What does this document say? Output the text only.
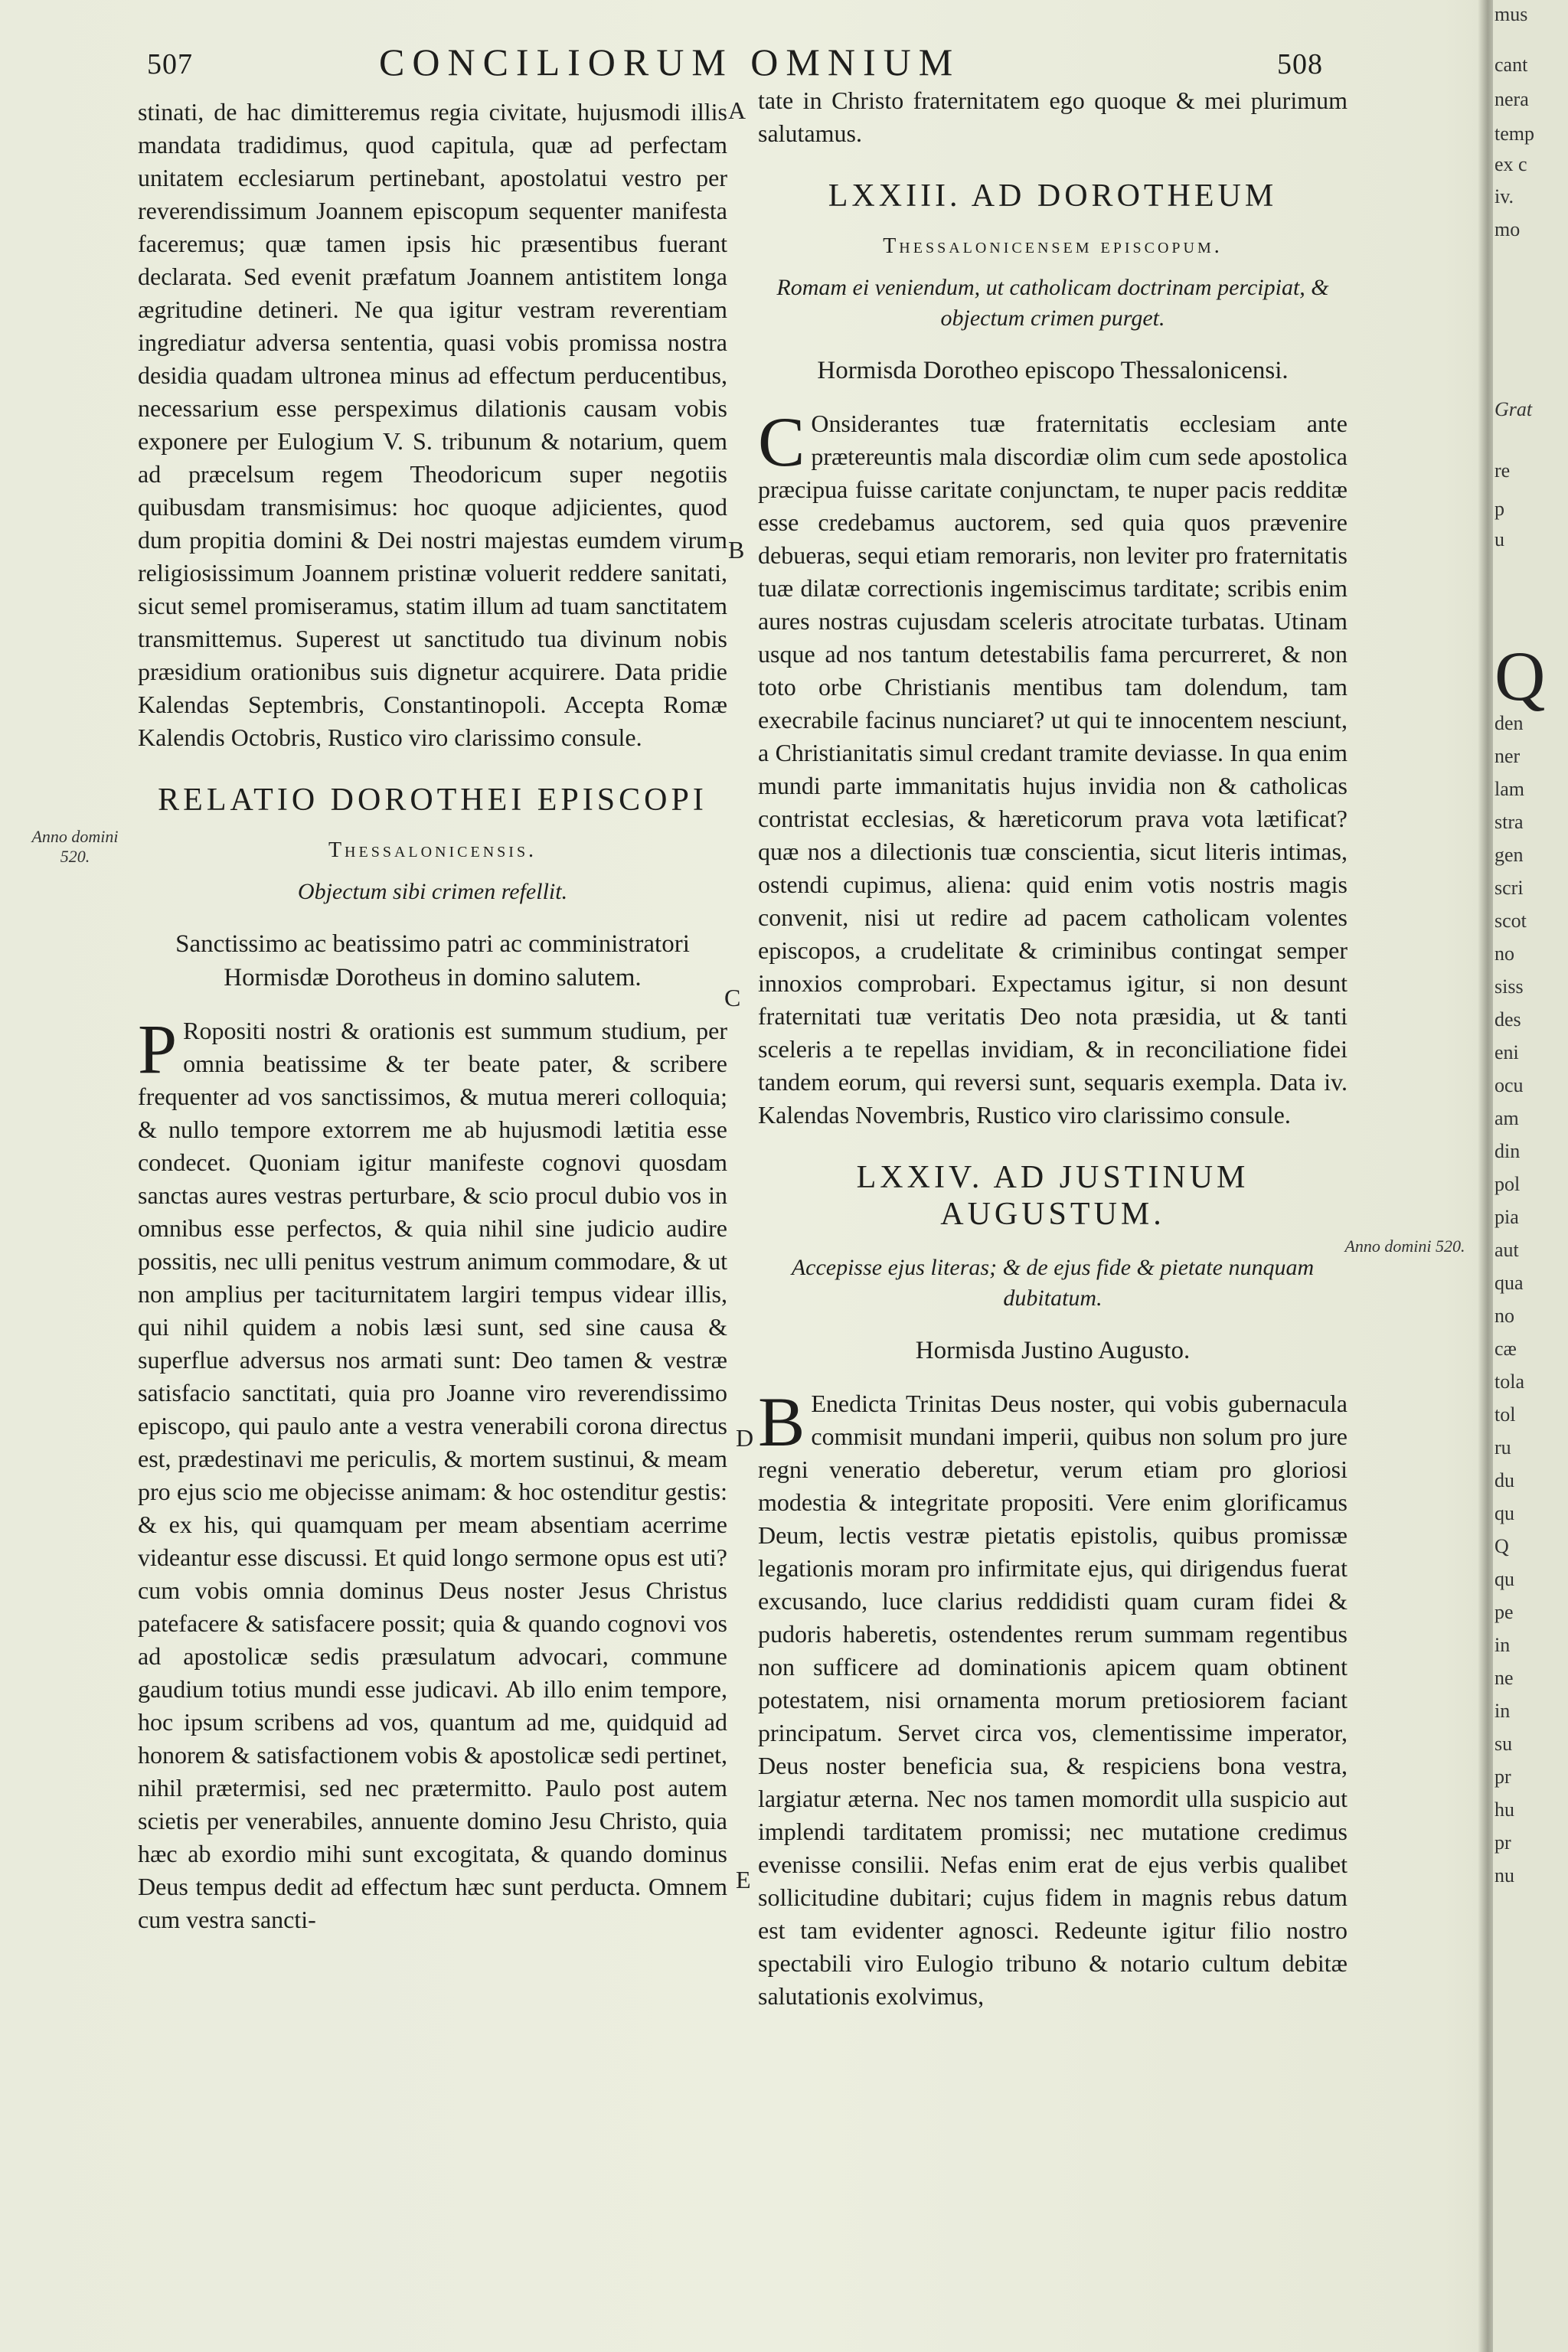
507	CONCILIORUM OMNIUM	508

stinati, de hac dimitteremus regia civitate, hujusmodi illis mandata tradidimus, quod capitula, quæ ad perfectam unitatem ecclesiarum pertinebant, apostolatui vestro per reverendissimum Joannem episcopum sequenter manifesta faceremus; quæ tamen ipsis hic præsentibus fuerant declarata. Sed evenit præfatum Joannem antistitem longa ægritudine detineri. Ne qua igitur vestram reverentiam ingrediatur adversa sententia, quasi vobis promissa nostra desidia quadam ultronea minus ad effectum perducentibus, necessarium esse perspeximus dilationis causam vobis exponere per Eulogium V. S. tribunum & notarium, quem ad præcelsum regem Theodoricum super negotiis quibusdam transmisimus: hoc quoque adjicientes, quod dum propitia domini & Dei nostri majestas eumdem virum religiosissimum Joannem pristinæ voluerit reddere sanitati, sicut semel promiseramus, statim illum ad tuam sanctitatem transmittemus. Superest ut sanctitudo tua divinum nobis præsidium orationibus suis dignetur acquirere. Data pridie Kalendas Septembris, Constantinopoli. Accepta Romæ Kalendis Octobris, Rustico viro clarissimo consule.

RELATIO DOROTHEI EPISCOPI
Thessalonicensis.
Objectum sibi crimen refellit.
Sanctissimo ac beatissimo patri ac comministratori Hormisdæ Dorotheus in domino salutem.
P Ropositi nostri & orationis est summum studium, per omnia beatissime & ter beate pater, & scribere frequenter ad vos sanctissimos, & mutua mereri colloquia; & nullo tempore extorrem me ab hujusmodi lætitia esse condecet. Quoniam igitur manifeste cognovi quosdam sanctas aures vestras perturbare, & scio procul dubio vos in omnibus esse perfectos, & quia nihil sine judicio audire possitis, nec ulli penitus vestrum animum commodare, & ut non amplius per taciturnitatem largiri tempus videar illis, qui nihil quidem a nobis læsi sunt, sed sine causa & superflue adversus nos armati sunt: Deo tamen & vestræ satisfacio sanctitati, quia pro Joanne viro reverendissimo episcopo, qui paulo ante a vestra venerabili corona directus est, prædestinavi me periculis, & mortem sustinui, & meam pro ejus scio me objecisse animam: & hoc ostenditur gestis: & ex his, qui quamquam per meam absentiam acerrime videantur esse discussi. Et quid longo sermone opus est uti? cum vobis omnia dominus Deus noster Jesus Christus patefacere & satisfacere possit; quia & quando cognovi vos ad apostolicæ sedis præsulatum advocari, commune gaudium totius mundi esse judicavi. Ab illo enim tempore, hoc ipsum scribens ad vos, quantum ad me, quidquid ad honorem & satisfactionem vobis & apostolicæ sedi pertinet, nihil prætermisi, sed nec prætermitto. Paulo post autem scietis per venerabiles, annuente domino Jesu Christo, quia hæc ab exordio mihi sunt excogitata, & quando dominus Deus tempus dedit ad effectum hæc sunt perducta. Omnem cum vestra sancti-

tate in Christo fraternitatem ego quoque & mei plurimum salutamus.

LXXIII. AD DOROTHEUM
Thessalonicensem episcopum.
Romam ei veniendum, ut catholicam doctrinam percipiat, & objectum crimen purget.
Hormisda Dorotheo episcopo Thessalonicensi.
C Onsiderantes tuæ fraternitatis ecclesiam ante prætereuntis mala discordiæ olim cum sede apostolica præcipua fuisse caritate conjunctam, te nuper pacis redditæ esse credebamus auctorem, sed quia quos prævenire debueras, sequi etiam remoraris, non leviter pro fraternitatis tuæ dilatæ correctionis ingemiscimus tarditate; scribis enim aures nostras cujusdam sceleris atrocitate turbatas. Utinam usque ad nos tantum detestabilis fama percurreret, & non toto orbe Christianis mentibus tam dolendum, tam execrabile facinus nunciaret? ut qui te innocentem nesciunt, a Christianitatis simul credant tramite deviasse. In qua enim mundi parte immanitatis hujus invidia non & catholicas contristat ecclesias, & hæreticorum prava vota lætificat? quæ nos a dilectionis tuæ conscientia, sicut literis intimas, ostendi cupimus, aliena: quid enim votis nostris magis convenit, nisi ut redire ad pacem catholicam volentes episcopos, a crudelitate & criminibus contingat semper innoxios comprobari. Expectamus igitur, si non desunt fraternitati tuæ veritatis Deo nota præsidia, ut & tanti sceleris a te repellas invidiam, & in reconciliatione fidei tandem eorum, qui reversi sunt, sequaris exempla. Data iv. Kalendas Novembris, Rustico viro clarissimo consule.
LXXIV. AD JUSTINUM AUGUSTUM.
Accepisse ejus literas; & de ejus fide & pietate nunquam dubitatum.
Hormisda Justino Augusto.
B Enedicta Trinitas Deus noster, qui vobis gubernacula commisit mundani imperii, quibus non solum pro jure regni veneratio deberetur, verum etiam pro gloriosi modestia & integritate propositi. Vere enim glorificamus Deum, lectis vestræ pietatis epistolis, quibus promissæ legationis moram pro infirmitate ejus, qui dirigendus fuerat excusando, luce clarius reddidisti quam curam fidei & pudoris haberetis, ostendentes rerum summam regentibus non sufficere ad dominationis apicem quam obtinent potestatem, nisi ornamenta morum pretiosiorem faciant principatum. Servet circa vos, clementissime imperator, Deus noster beneficia sua, & respiciens bona vestra, largiatur æterna. Nec nos tamen momordit ulla suspicio aut implendi tarditatem promissi; nec mutatione credimus evenisse consilii. Nefas enim erat de ejus verbis qualibet sollicitudine dubitari; cujus fidem in magnis rebus datum est tam evidenter agnosci. Redeunte igitur filio nostro spectabili viro Eulogio tribuno & notario cultum debitæ salutationis exolvimus,
A
B
C
D
E
Anno domini 520.
Anno domini 520.
mus
cant
nera
temp
ex c
iv.
mo
Grat
re
p
u
Q
den
ner
lam
stra
gen
scri
scot
no
siss
des
eni
ocu
am
din
pol
pia
aut
qua
no
cæ
tola
tol
ru
du
qu
Q
qu
pe
in
ne
in
su
pr
hu
pr
nu
